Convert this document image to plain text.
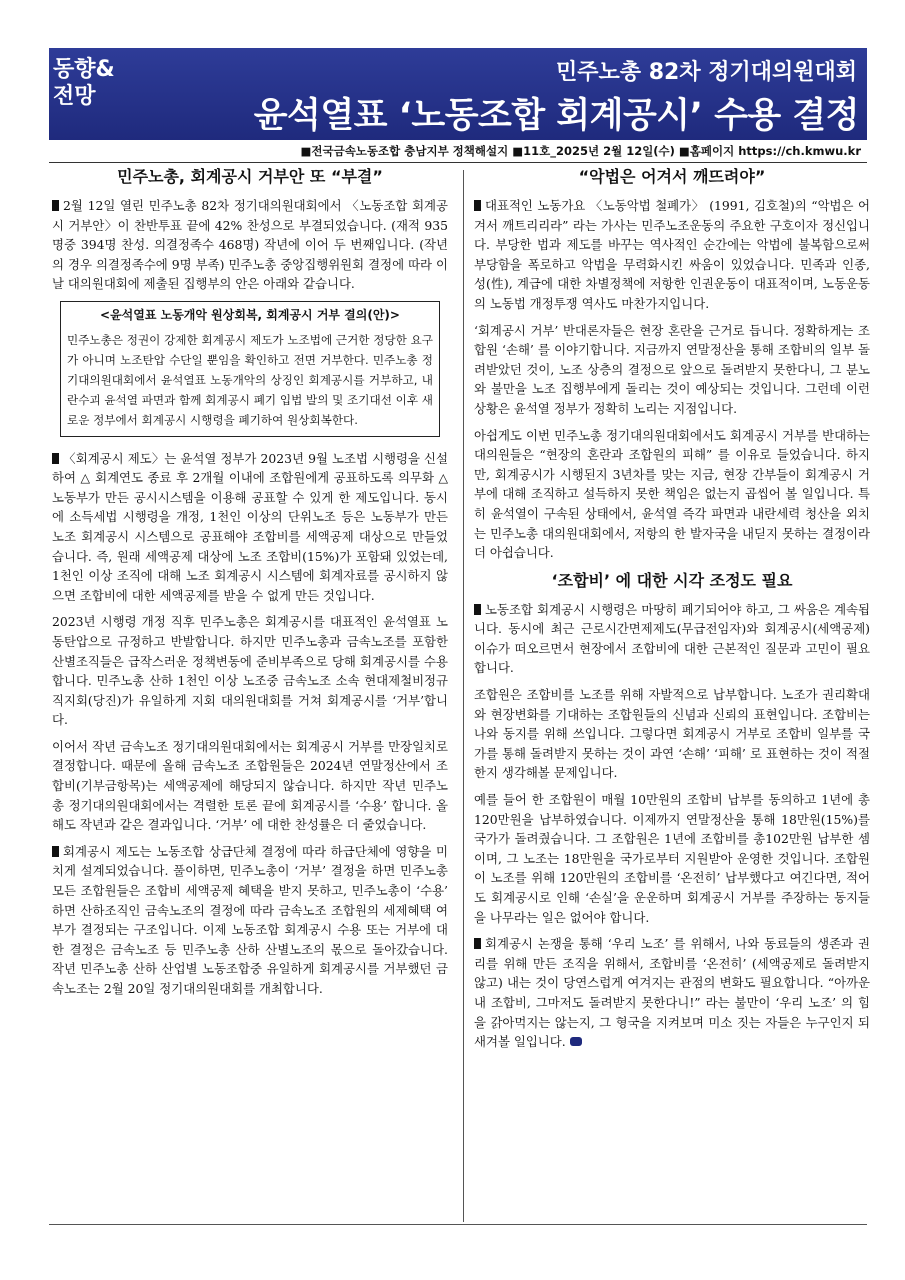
동향&
전망
민주노총 82차 정기대의원대회
윤석열표 ‘노동조합 회계공시’ 수용 결정
■전국금속노동조합 충남지부 정책해설지 ■11호_2025년 2월 12일(수) ■홈페이지 https://ch.kmwu.kr
민주노총, 회계공시 거부안 또 “부결”

2월 12일 열린 민주노총 82차 정기대의원대회에서 〈노동조합 회계공시 거부안〉이 찬반투표 끝에 42% 찬성으로 부결되었습니다. (재적 935명중 394명 찬성. 의결정족수 468명) 작년에 이어 두 번째입니다. (작년의 경우 의결정족수에 9명 부족) 민주노총 중앙집행위원회 결정에 따라 이날 대의원대회에 제출된 집행부의 안은 아래와 같습니다.

<윤석열표 노동개악 원상회복, 회계공시 거부 결의(안)>

민주노총은 정권이 강제한 회계공시 제도가 노조법에 근거한 정당한 요구가 아니며 노조탄압 수단일 뿐임을 확인하고 전면 거부한다. 민주노총 정기대의원대회에서 윤석열표 노동개악의 상징인 회계공시를 거부하고, 내란수괴 윤석열 파면과 함께 회계공시 폐기 입법 발의 및 조기대선 이후 새로운 정부에서 회계공시 시행령을 폐기하여 원상회복한다.

〈회계공시 제도〉는 윤석열 정부가 2023년 9월 노조법 시행령을 신설하여 △ 회계연도 종료 후 2개월 이내에 조합원에게 공표하도록 의무화 △ 노동부가 만든 공시시스템을 이용해 공표할 수 있게 한 제도입니다. 동시에 소득세법 시행령을 개정, 1천인 이상의 단위노조 등은 노동부가 만든 노조 회계공시 시스템으로 공표해야 조합비를 세액공제 대상으로 만들었습니다. 즉, 원래 세액공제 대상에 노조 조합비(15%)가 포함돼 있었는데, 1천인 이상 조직에 대해 노조 회계공시 시스템에 회계자료를 공시하지 않으면 조합비에 대한 세액공제를 받을 수 없게 만든 것입니다.

2023년 시행령 개정 직후 민주노총은 회계공시를 대표적인 윤석열표 노동탄압으로 규정하고 반발합니다. 하지만 민주노총과 금속노조를 포함한 산별조직들은 급작스러운 정책변동에 준비부족으로 당해 회계공시를 수용합니다. 민주노총 산하 1천인 이상 노조중 금속노조 소속 현대제철비정규직지회(당진)가 유일하게 지회 대의원대회를 거쳐 회계공시를 ‘거부’합니다.

이어서 작년 금속노조 정기대의원대회에서는 회계공시 거부를 만장일치로 결정합니다. 때문에 올해 금속노조 조합원들은 2024년 연말정산에서 조합비(기부금항목)는 세액공제에 해당되지 않습니다. 하지만 작년 민주노총 정기대의원대회에서는 격렬한 토론 끝에 회계공시를 ‘수용’ 합니다. 올해도 작년과 같은 결과입니다. ‘거부’ 에 대한 찬성률은 더 줄었습니다.

회계공시 제도는 노동조합 상급단체 결정에 따라 하급단체에 영향을 미치게 설계되었습니다. 풀이하면, 민주노총이 ‘거부’ 결정을 하면 민주노총 모든 조합원들은 조합비 세액공제 혜택을 받지 못하고, 민주노총이 ‘수용’ 하면 산하조직인 금속노조의 결정에 따라 금속노조 조합원의 세제혜택 여부가 결정되는 구조입니다. 이제 노동조합 회계공시 수용 또는 거부에 대한 결정은 금속노조 등 민주노총 산하 산별노조의 몫으로 돌아갔습니다. 작년 민주노총 산하 산업별 노동조합중 유일하게 회계공시를 거부했던 금속노조는 2월 20일 정기대의원대회를 개최합니다.

“악법은 어겨서 깨뜨려야”

대표적인 노동가요 〈노동악법 철폐가〉 (1991, 김호철)의 “악법은 어겨서 깨트리리라” 라는 가사는 민주노조운동의 주요한 구호이자 정신입니다. 부당한 법과 제도를 바꾸는 역사적인 순간에는 악법에 불복함으로써 부당함을 폭로하고 악법을 무력화시킨 싸움이 있었습니다. 민족과 인종, 성(性), 계급에 대한 차별정책에 저항한 인권운동이 대표적이며, 노동운동의 노동법 개정투쟁 역사도 마찬가지입니다.

‘회계공시 거부’ 반대론자들은 현장 혼란을 근거로 듭니다. 정확하게는 조합원 ‘손해’ 를 이야기합니다. 지금까지 연말정산을 통해 조합비의 일부 돌려받았던 것이, 노조 상층의 결정으로 앞으로 돌려받지 못한다니, 그 분노와 불만을 노조 집행부에게 돌리는 것이 예상되는 것입니다. 그런데 이런 상황은 윤석열 정부가 정확히 노리는 지점입니다.

아쉽게도 이번 민주노총 정기대의원대회에서도 회계공시 거부를 반대하는 대의원들은 “현장의 혼란과 조합원의 피해” 를 이유로 들었습니다. 하지만, 회계공시가 시행된지 3년차를 맞는 지금, 현장 간부들이 회계공시 거부에 대해 조직하고 설득하지 못한 책임은 없는지 곱씹어 볼 일입니다. 특히 윤석열이 구속된 상태에서, 윤석열 즉각 파면과 내란세력 청산을 외치는 민주노총 대의원대회에서, 저항의 한 발자국을 내딛지 못하는 결정이라 더 아쉽습니다.

‘조합비’ 에 대한 시각 조정도 필요

노동조합 회계공시 시행령은 마땅히 폐기되어야 하고, 그 싸움은 계속됩니다. 동시에 최근 근로시간면제제도(무급전임자)와 회계공시(세액공제) 이슈가 떠오르면서 현장에서 조합비에 대한 근본적인 질문과 고민이 필요합니다.

조합원은 조합비를 노조를 위해 자발적으로 납부합니다. 노조가 권리확대와 현장변화를 기대하는 조합원들의 신념과 신뢰의 표현입니다. 조합비는 나와 동지를 위해 쓰입니다. 그렇다면 회계공시 거부로 조합비 일부를 국가를 통해 돌려받지 못하는 것이 과연 ‘손해’ ‘피해’ 로 표현하는 것이 적절한지 생각해볼 문제입니다.

예를 들어 한 조합원이 매월 10만원의 조합비 납부를 동의하고 1년에 총120만원을 납부하였습니다. 이제까지 연말정산을 통해 18만원(15%)를 국가가 돌려줬습니다. 그 조합원은 1년에 조합비를 총102만원 납부한 셈이며, 그 노조는 18만원을 국가로부터 지원받아 운영한 것입니다. 조합원이 노조를 위해 120만원의 조합비를 ‘온전히’ 납부했다고 여긴다면, 적어도 회계공시로 인해 ‘손실’을 운운하며 회계공시 거부를 주장하는 동지들을 나무라는 일은 없어야 합니다.

회계공시 논쟁을 통해 ‘우리 노조’ 를 위해서, 나와 동료들의 생존과 권리를 위해 만든 조직을 위해서, 조합비를 ‘온전히’ (세액공제로 돌려받지 않고) 내는 것이 당연스럽게 여겨지는 관점의 변화도 필요합니다. “아까운 내 조합비, 그마저도 돌려받지 못한다니!” 라는 불만이 ‘우리 노조’ 의 힘을 갉아먹지는 않는지, 그 형국을 지켜보며 미소 짓는 자들은 누구인지 되새겨볼 일입니다.
